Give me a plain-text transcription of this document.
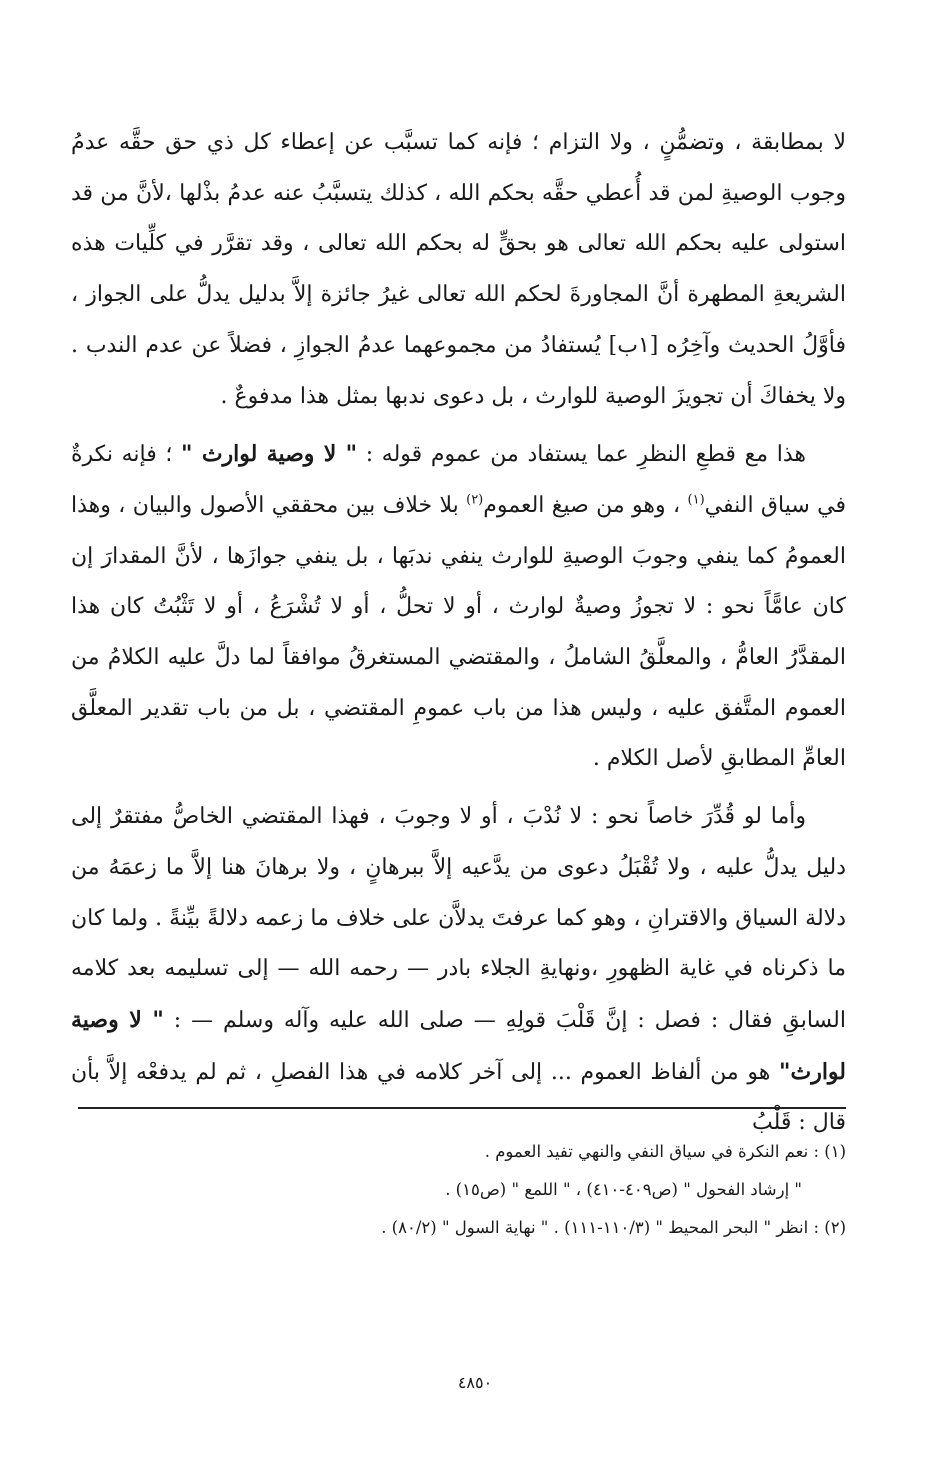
لا بمطابقة ، وتضمُّنٍ ، ولا التزام ؛ فإنه كما تسبَّب عن إعطاء كل ذي حق حقَّه عدمُ وجوب الوصيةِ لمن قد أُعطي حقَّه بحكم الله ، كذلك يتسبَّبُ عنه عدمُ بذْلها ،لأنَّ من قد استولى عليه بحكم الله تعالى هو بحقٍّ له بحكم الله تعالى ، وقد تقرَّر في كلِّيات هذه الشريعةِ المطهرة أنَّ المجاورةَ لحكم الله تعالى غيرُ جائزة إلاَّ بدليل يدلُّ على الجواز ، فأوَّلُ الحديث وآخِرُه [١ب] يُستفادُ من مجموعهما عدمُ الجوازِ ، فضلاً عن عدم الندب . ولا يخفاكَ أن تجويزَ الوصية للوارث ، بل دعوى ندبها بمثل هذا مدفوعٌ .

هذا مع قطعِ النظرِ عما يستفاد من عموم قوله : " لا وصية لوارث " ؛ فإنه نكرةٌ في سياق النفي$^{(١)}$ ، وهو من صيغ العموم$^{(٢)}$ بلا خلاف بين محققي الأصول والبيان ، وهذا العمومُ كما ينفي وجوبَ الوصيةِ للوارث ينفي ندبَها ، بل ينفي جوازَها ، لأنَّ المقدارَ إن كان عامًّاً نحو : لا تجوزُ وصيةٌ لوارث ، أو لا تحلُّ ، أو لا تُشْرَعُ ، أو لا تَثْبُتُ كان هذا المقدَّرُ العامُّ ، والمعلَّقُ الشاملُ ، والمقتضي المستغرقُ موافقاً لما دلَّ عليه الكلامُ من العموم المتَّفق عليه ، وليس هذا من باب عمومِ المقتضي ، بل من باب تقدير المعلَّق العامِّ المطابقِ لأصل الكلام .

وأما لو قُدِّرَ خاصاً نحو : لا نُدْبَ ، أو لا وجوبَ ، فهذا المقتضي الخاصُّ مفتقرٌ إلى دليل يدلُّ عليه ، ولا تُقْبَلُ دعوى من يدَّعيه إلاَّ ببرهانٍ ، ولا برهانَ هنا إلاَّ ما زعمَهُ من دلالة السياق والاقترانِ ، وهو كما عرفتَ يدلاَّن على خلاف ما زعمه دلالةً بيِّنةً . ولما كان ما ذكرناه في غاية الظهورِ ،ونهايةِ الجلاء بادر — رحمه الله — إلى تسليمه بعد كلامه السابقِ فقال : فصل : إنَّ قَلْبَ قولِهِ — صلى الله عليه وآله وسلم — : " لا وصية لوارث" هو من ألفاظ العموم ... إلى آخر كلامه في هذا الفصلِ ، ثم لم يدفعْه إلاَّ بأن قال : قَلْبُ

(١) : نعم النكرة في سياق النفي والنهي تفيد العموم .

" إرشاد الفحول " (ص٤٠٩-٤١٠) ، " اللمع " (ص١٥) .

(٢) : انظر " البحر المحيط " (١١٠/٣-١١١) . " نهاية السول " (٨٠/٢) .

٤٨٥٠
